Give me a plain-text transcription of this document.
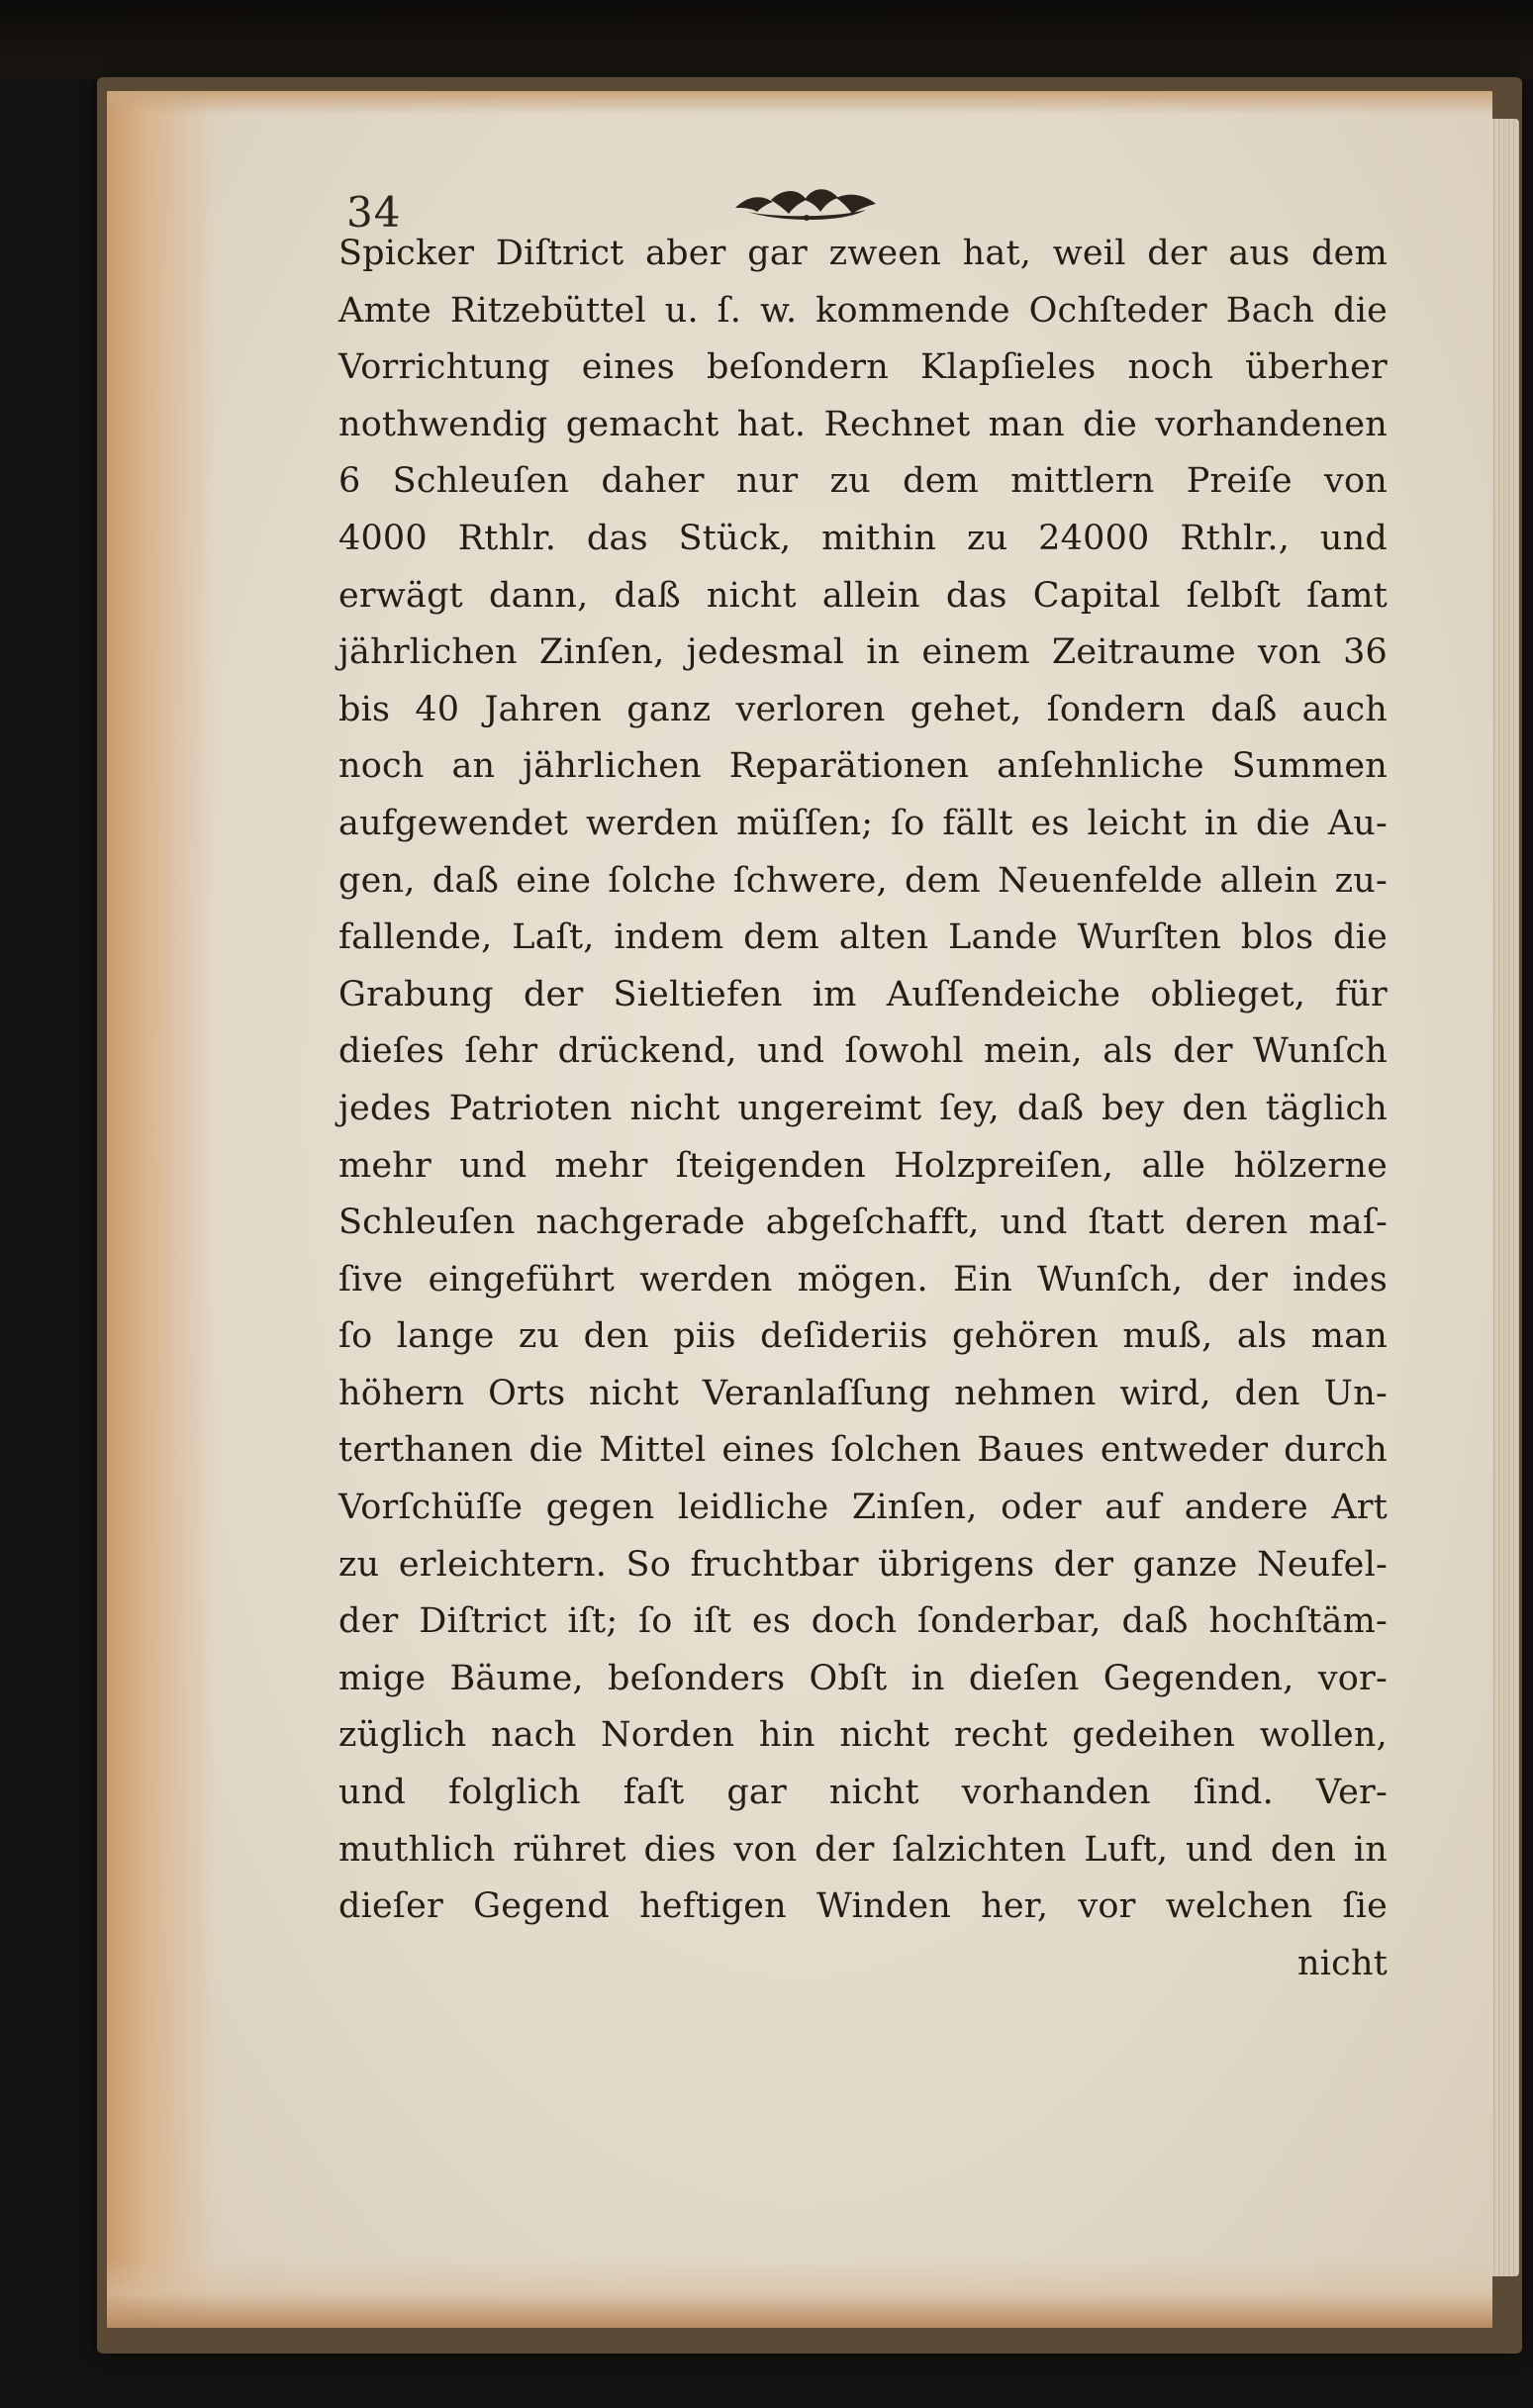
34
Spicker Diſtrict aber gar zween hat, weil der aus dem
Amte Ritzebüttel u. ſ. w. kommende Ochſteder Bach die
Vorrichtung eines beſondern Klapſieles noch überher
nothwendig gemacht hat. Rechnet man die vorhandenen
6 Schleuſen daher nur zu dem mittlern Preiſe von
4000 Rthlr. das Stück, mithin zu 24000 Rthlr., und
erwägt dann, daß nicht allein das Capital ſelbſt ſamt
jährlichen Zinſen, jedesmal in einem Zeitraume von 36
bis 40 Jahren ganz verloren gehet, ſondern daß auch
noch an jährlichen Reparätionen anſehnliche Summen
aufgewendet werden müſſen; ſo fällt es leicht in die Au-
gen, daß eine ſolche ſchwere, dem Neuenfelde allein zu-
fallende, Laſt, indem dem alten Lande Wurſten blos die
Grabung der Sieltiefen im Auſſendeiche oblieget, für
dieſes ſehr drückend, und ſowohl mein, als der Wunſch
jedes Patrioten nicht ungereimt ſey, daß bey den täglich
mehr und mehr ſteigenden Holzpreiſen, alle hölzerne
Schleuſen nachgerade abgeſchafft, und ſtatt deren maſ-
ſive eingeführt werden mögen. Ein Wunſch, der indes
ſo lange zu den piis deſideriis gehören muß, als man
höhern Orts nicht Veranlaſſung nehmen wird, den Un-
terthanen die Mittel eines ſolchen Baues entweder durch
Vorſchüſſe gegen leidliche Zinſen, oder auf andere Art
zu erleichtern. So fruchtbar übrigens der ganze Neufel-
der Diſtrict iſt; ſo iſt es doch ſonderbar, daß hochſtäm-
mige Bäume, beſonders Obſt in dieſen Gegenden, vor-
züglich nach Norden hin nicht recht gedeihen wollen,
und folglich faſt gar nicht vorhanden ſind. Ver-
muthlich rühret dies von der ſalzichten Luft, und den in
dieſer Gegend heftigen Winden her, vor welchen ſie
nicht
